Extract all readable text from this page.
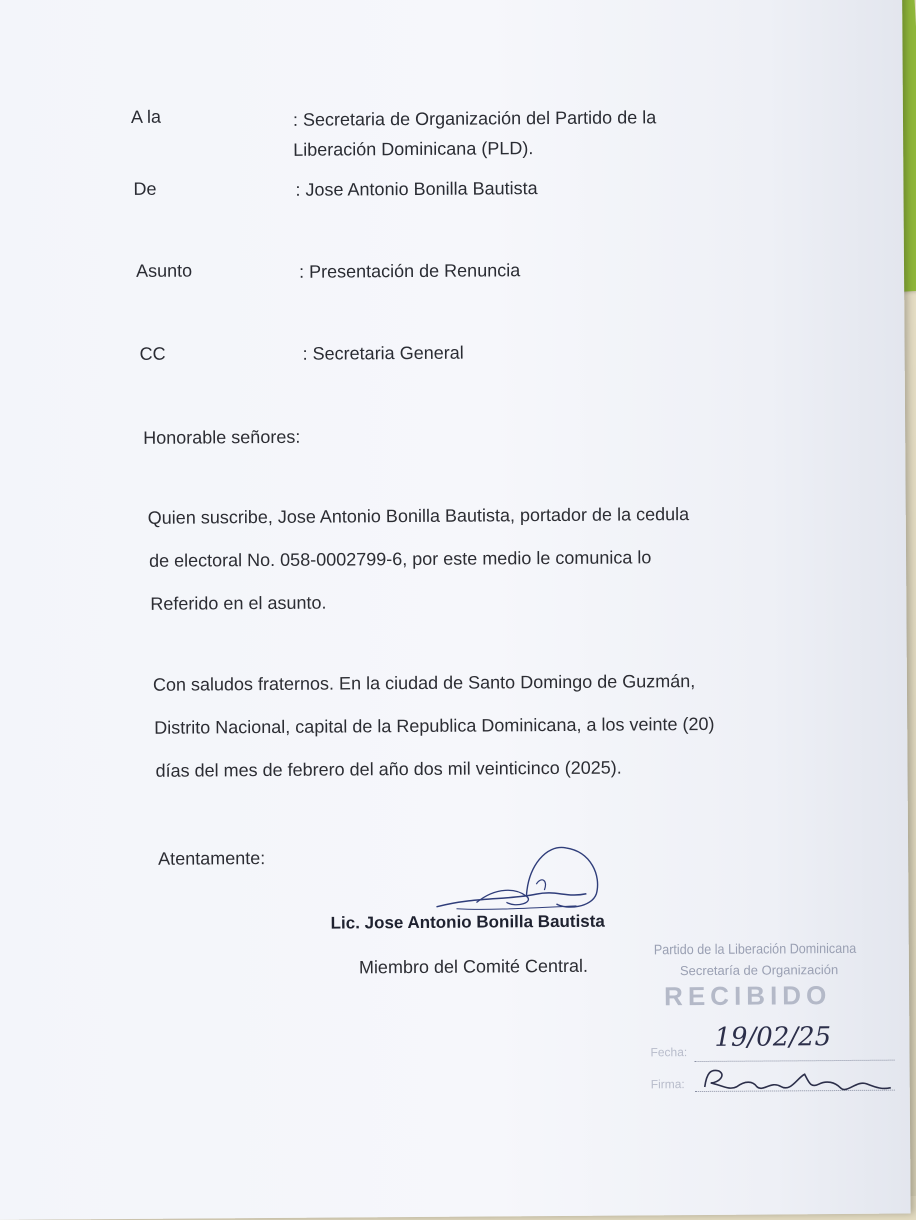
A la	: Secretaria de Organización del Partido de la
Liberación Dominicana (PLD).
De	: Jose Antonio Bonilla Bautista
Asunto	: Presentación de Renuncia
CC	: Secretaria General
Honorable señores:
Quien suscribe, Jose Antonio Bonilla Bautista, portador de la cedula
de electoral No. 058-0002799-6, por este medio le comunica lo
Referido en el asunto.
Con saludos fraternos. En la ciudad de Santo Domingo de Guzmán,
Distrito Nacional, capital de la Republica Dominicana, a los veinte (20)
días del mes de febrero del año dos mil veinticinco (2025).
Atentamente:
Lic. Jose Antonio Bonilla Bautista
Miembro del Comité Central.
Partido de la Liberación Dominicana
Secretaría de Organización
RECIBIDO
Fecha: 19/02/25
Firma:
